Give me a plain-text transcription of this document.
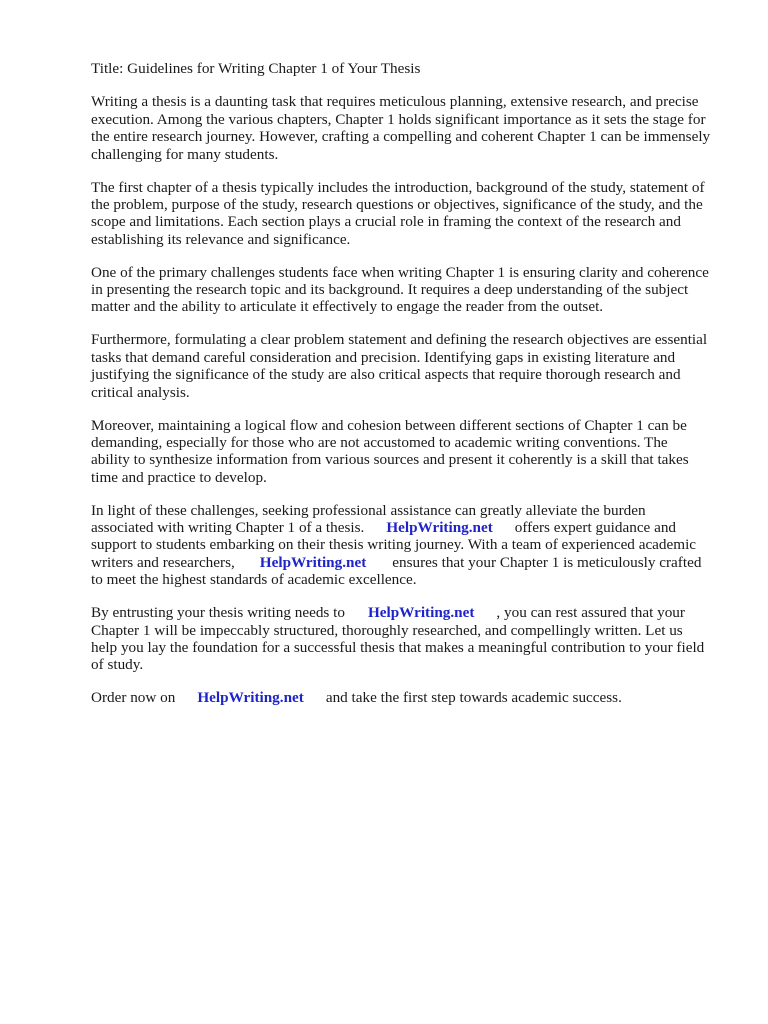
Title: Guidelines for Writing Chapter 1 of Your Thesis
Writing a thesis is a daunting task that requires meticulous planning, extensive research, and precise
execution. Among the various chapters, Chapter 1 holds significant importance as it sets the stage for
the entire research journey. However, crafting a compelling and coherent Chapter 1 can be immensely
challenging for many students.
The first chapter of a thesis typically includes the introduction, background of the study, statement of
the problem, purpose of the study, research questions or objectives, significance of the study, and the
scope and limitations. Each section plays a crucial role in framing the context of the research and
establishing its relevance and significance.
One of the primary challenges students face when writing Chapter 1 is ensuring clarity and coherence
in presenting the research topic and its background. It requires a deep understanding of the subject
matter and the ability to articulate it effectively to engage the reader from the outset.
Furthermore, formulating a clear problem statement and defining the research objectives are essential
tasks that demand careful consideration and precision. Identifying gaps in existing literature and
justifying the significance of the study are also critical aspects that require thorough research and
critical analysis.
Moreover, maintaining a logical flow and cohesion between different sections of Chapter 1 can be
demanding, especially for those who are not accustomed to academic writing conventions. The
ability to synthesize information from various sources and present it coherently is a skill that takes
time and practice to develop.
In light of these challenges, seeking professional assistance can greatly alleviate the burden
associated with writing Chapter 1 of a thesis. HelpWriting.net offers expert guidance and
support to students embarking on their thesis writing journey. With a team of experienced academic
writers and researchers, HelpWriting.net ensures that your Chapter 1 is meticulously crafted
to meet the highest standards of academic excellence.
By entrusting your thesis writing needs to HelpWriting.net , you can rest assured that your
Chapter 1 will be impeccably structured, thoroughly researched, and compellingly written. Let us
help you lay the foundation for a successful thesis that makes a meaningful contribution to your field
of study.
Order now on HelpWriting.net and take the first step towards academic success.
